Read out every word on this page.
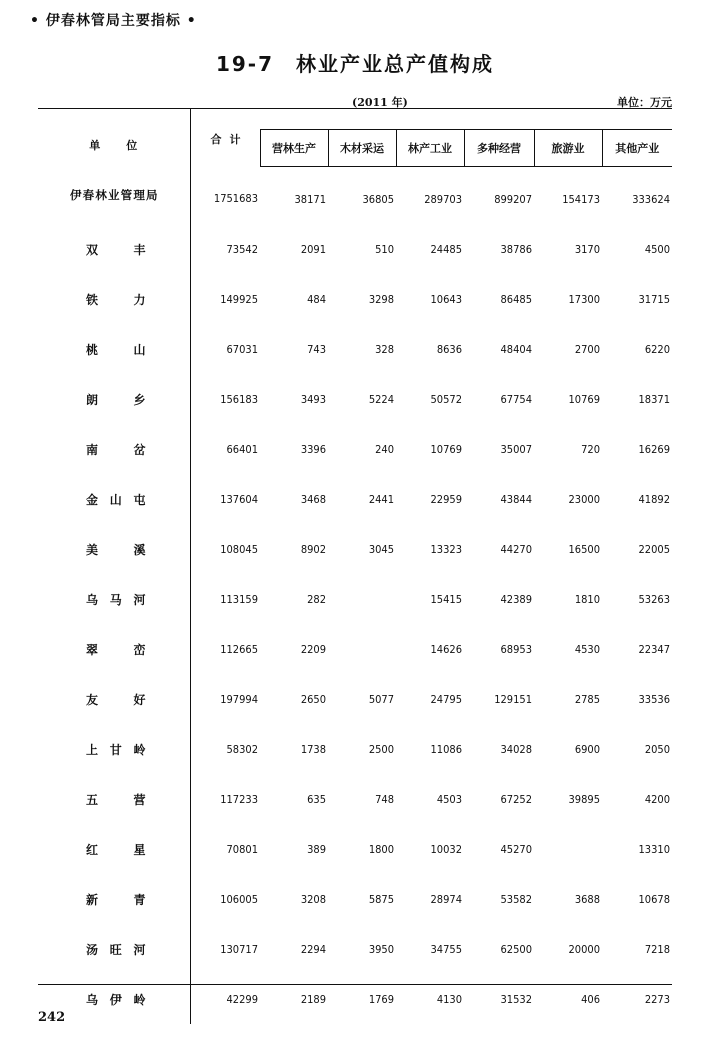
• 伊春林管局主要指标 •
19-7　林业产业总产值构成
(2011 年)	单位：万元
单位	合计						
		营林生产	木材采运	林产工业	多种经营	旅游业	其他产业
伊春林业管理局	1751683	38171	36805	289703	899207	154173	333624
双丰	73542	2091	510	24485	38786	3170	4500
铁力	149925	484	3298	10643	86485	17300	31715
桃山	67031	743	328	8636	48404	2700	6220
朗乡	156183	3493	5224	50572	67754	10769	18371
南岔	66401	3396	240	10769	35007	720	16269
金山屯	137604	3468	2441	22959	43844	23000	41892
美溪	108045	8902	3045	13323	44270	16500	22005
乌马河	113159	282		15415	42389	1810	53263
翠峦	112665	2209		14626	68953	4530	22347
友好	197994	2650	5077	24795	129151	2785	33536
上甘岭	58302	1738	2500	11086	34028	6900	2050
五营	117233	635	748	4503	67252	39895	4200
红星	70801	389	1800	10032	45270		13310
新青	106005	3208	5875	28974	53582	3688	10678
汤旺河	130717	2294	3950	34755	62500	20000	7218
乌伊岭	42299	2189	1769	4130	31532	406	2273
242
